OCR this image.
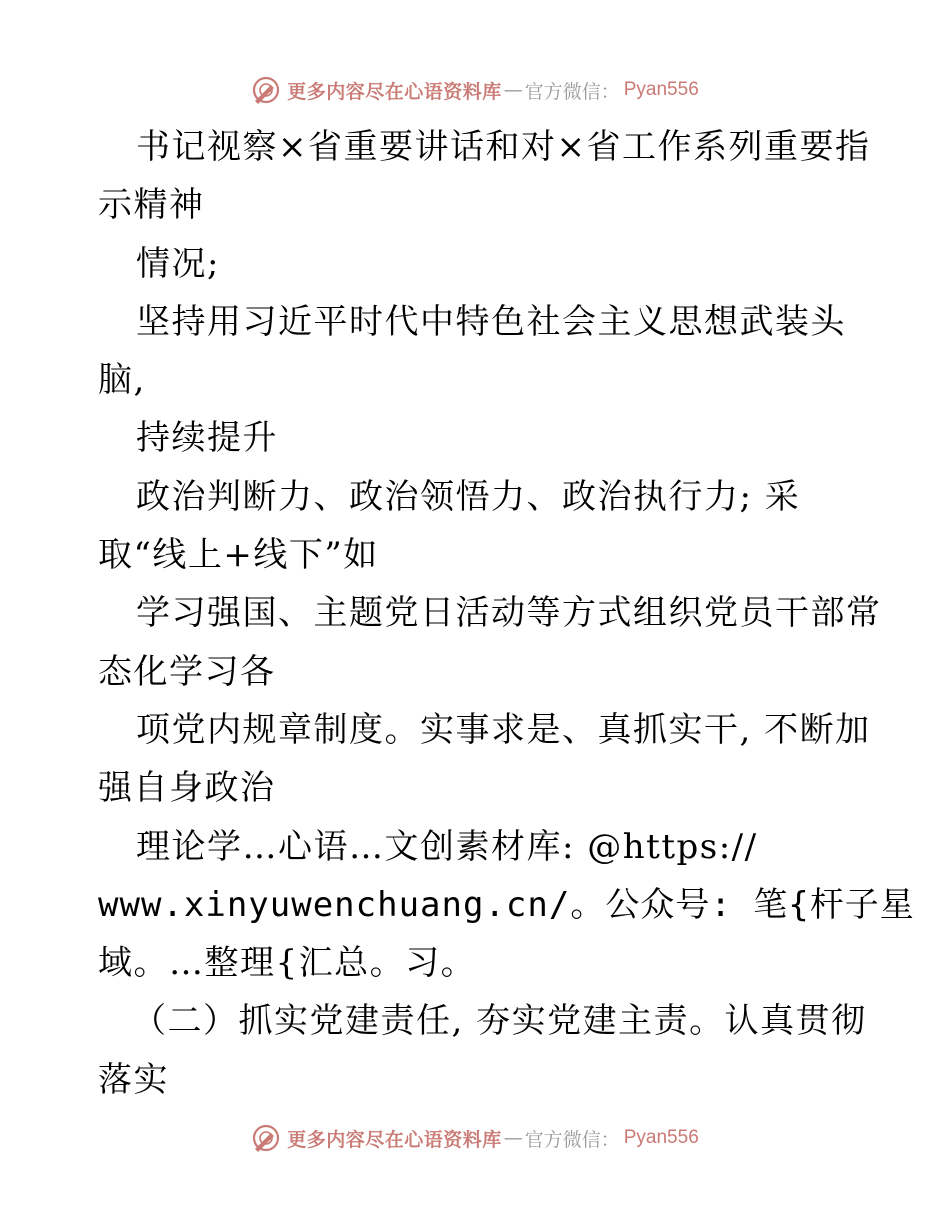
更多内容尽在心语资料库 — 官方微信： Pyan556
书记视察×省重要讲话和对×省工作系列重要指
示精神
情况;
坚持用习近平时代中特色社会主义思想武装头
脑,
持续提升
政治判断力、政治领悟力、政治执行力; 采
取“线上+线下”如
学习强国、主题党日活动等方式组织党员干部常
态化学习各
项党内规章制度。实事求是、真抓实干, 不断加
强自身政治
理论学…心语…文创素材库: @https://
www.xinyuwenchuang.cn/。公众号: 笔{杆子星
域。…整理{汇总。习。
（二）抓实党建责任, 夯实党建主责。认真贯彻
落实
更多内容尽在心语资料库 — 官方微信： Pyan556
